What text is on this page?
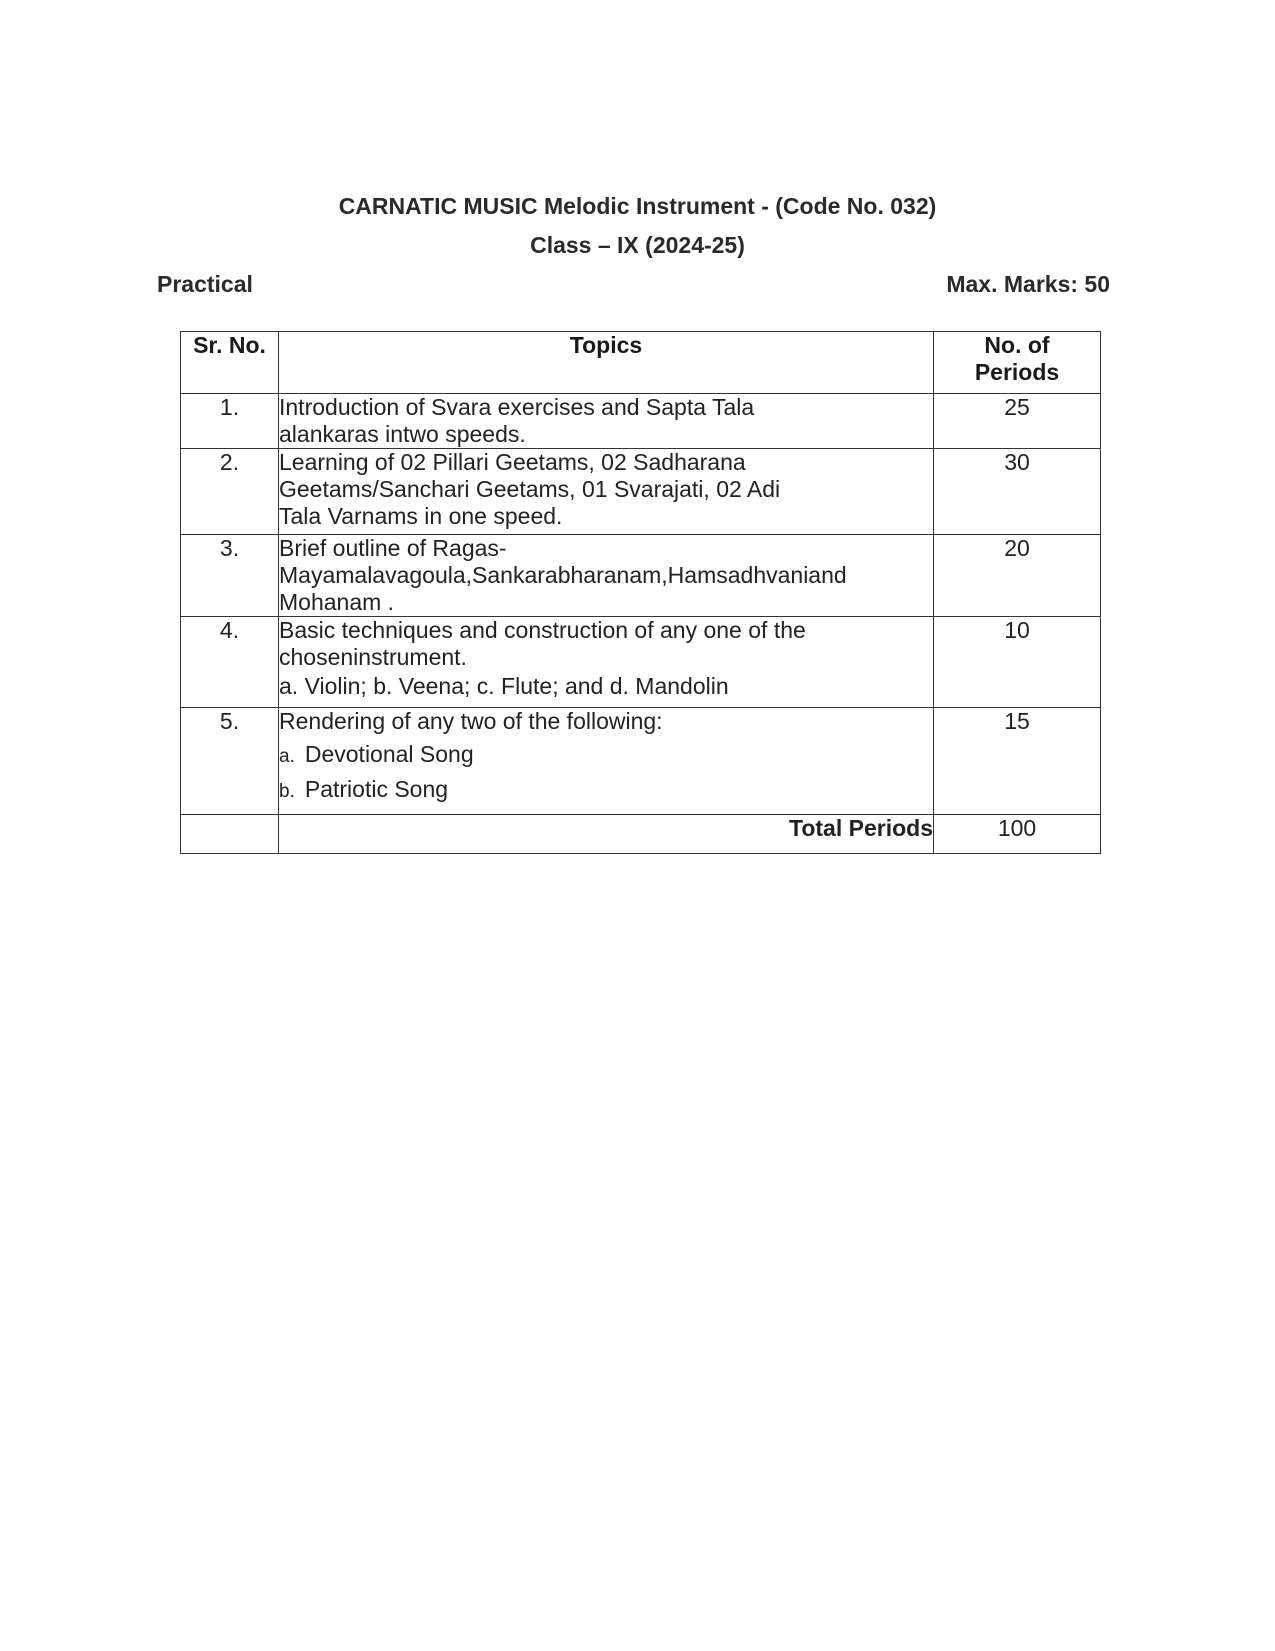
CARNATIC MUSIC Melodic Instrument - (Code No. 032)
Class – IX (2024-25)
Practical	Max. Marks: 50
Sr. No.	Topics	No. of
Periods

1.	Introduction of Svara exercises and Sapta Tala
alankaras intwo speeds.	25
2.	Learning of 02 Pillari Geetams, 02 Sadharana
Geetams/Sanchari Geetams, 01 Svarajati, 02 Adi
Tala Varnams in one speed.	30
3.	Brief outline of Ragas-
Mayamalavagoula,Sankarabharanam,Hamsadhvaniand
Mohanam .	20
4.	Basic techniques and construction of any one of the
choseninstrument.
a. Violin; b. Veena; c. Flute; and d. Mandolin	10
5.	Rendering of any two of the following:
a. Devotional Song
b. Patriotic Song	15
	Total Periods	100
